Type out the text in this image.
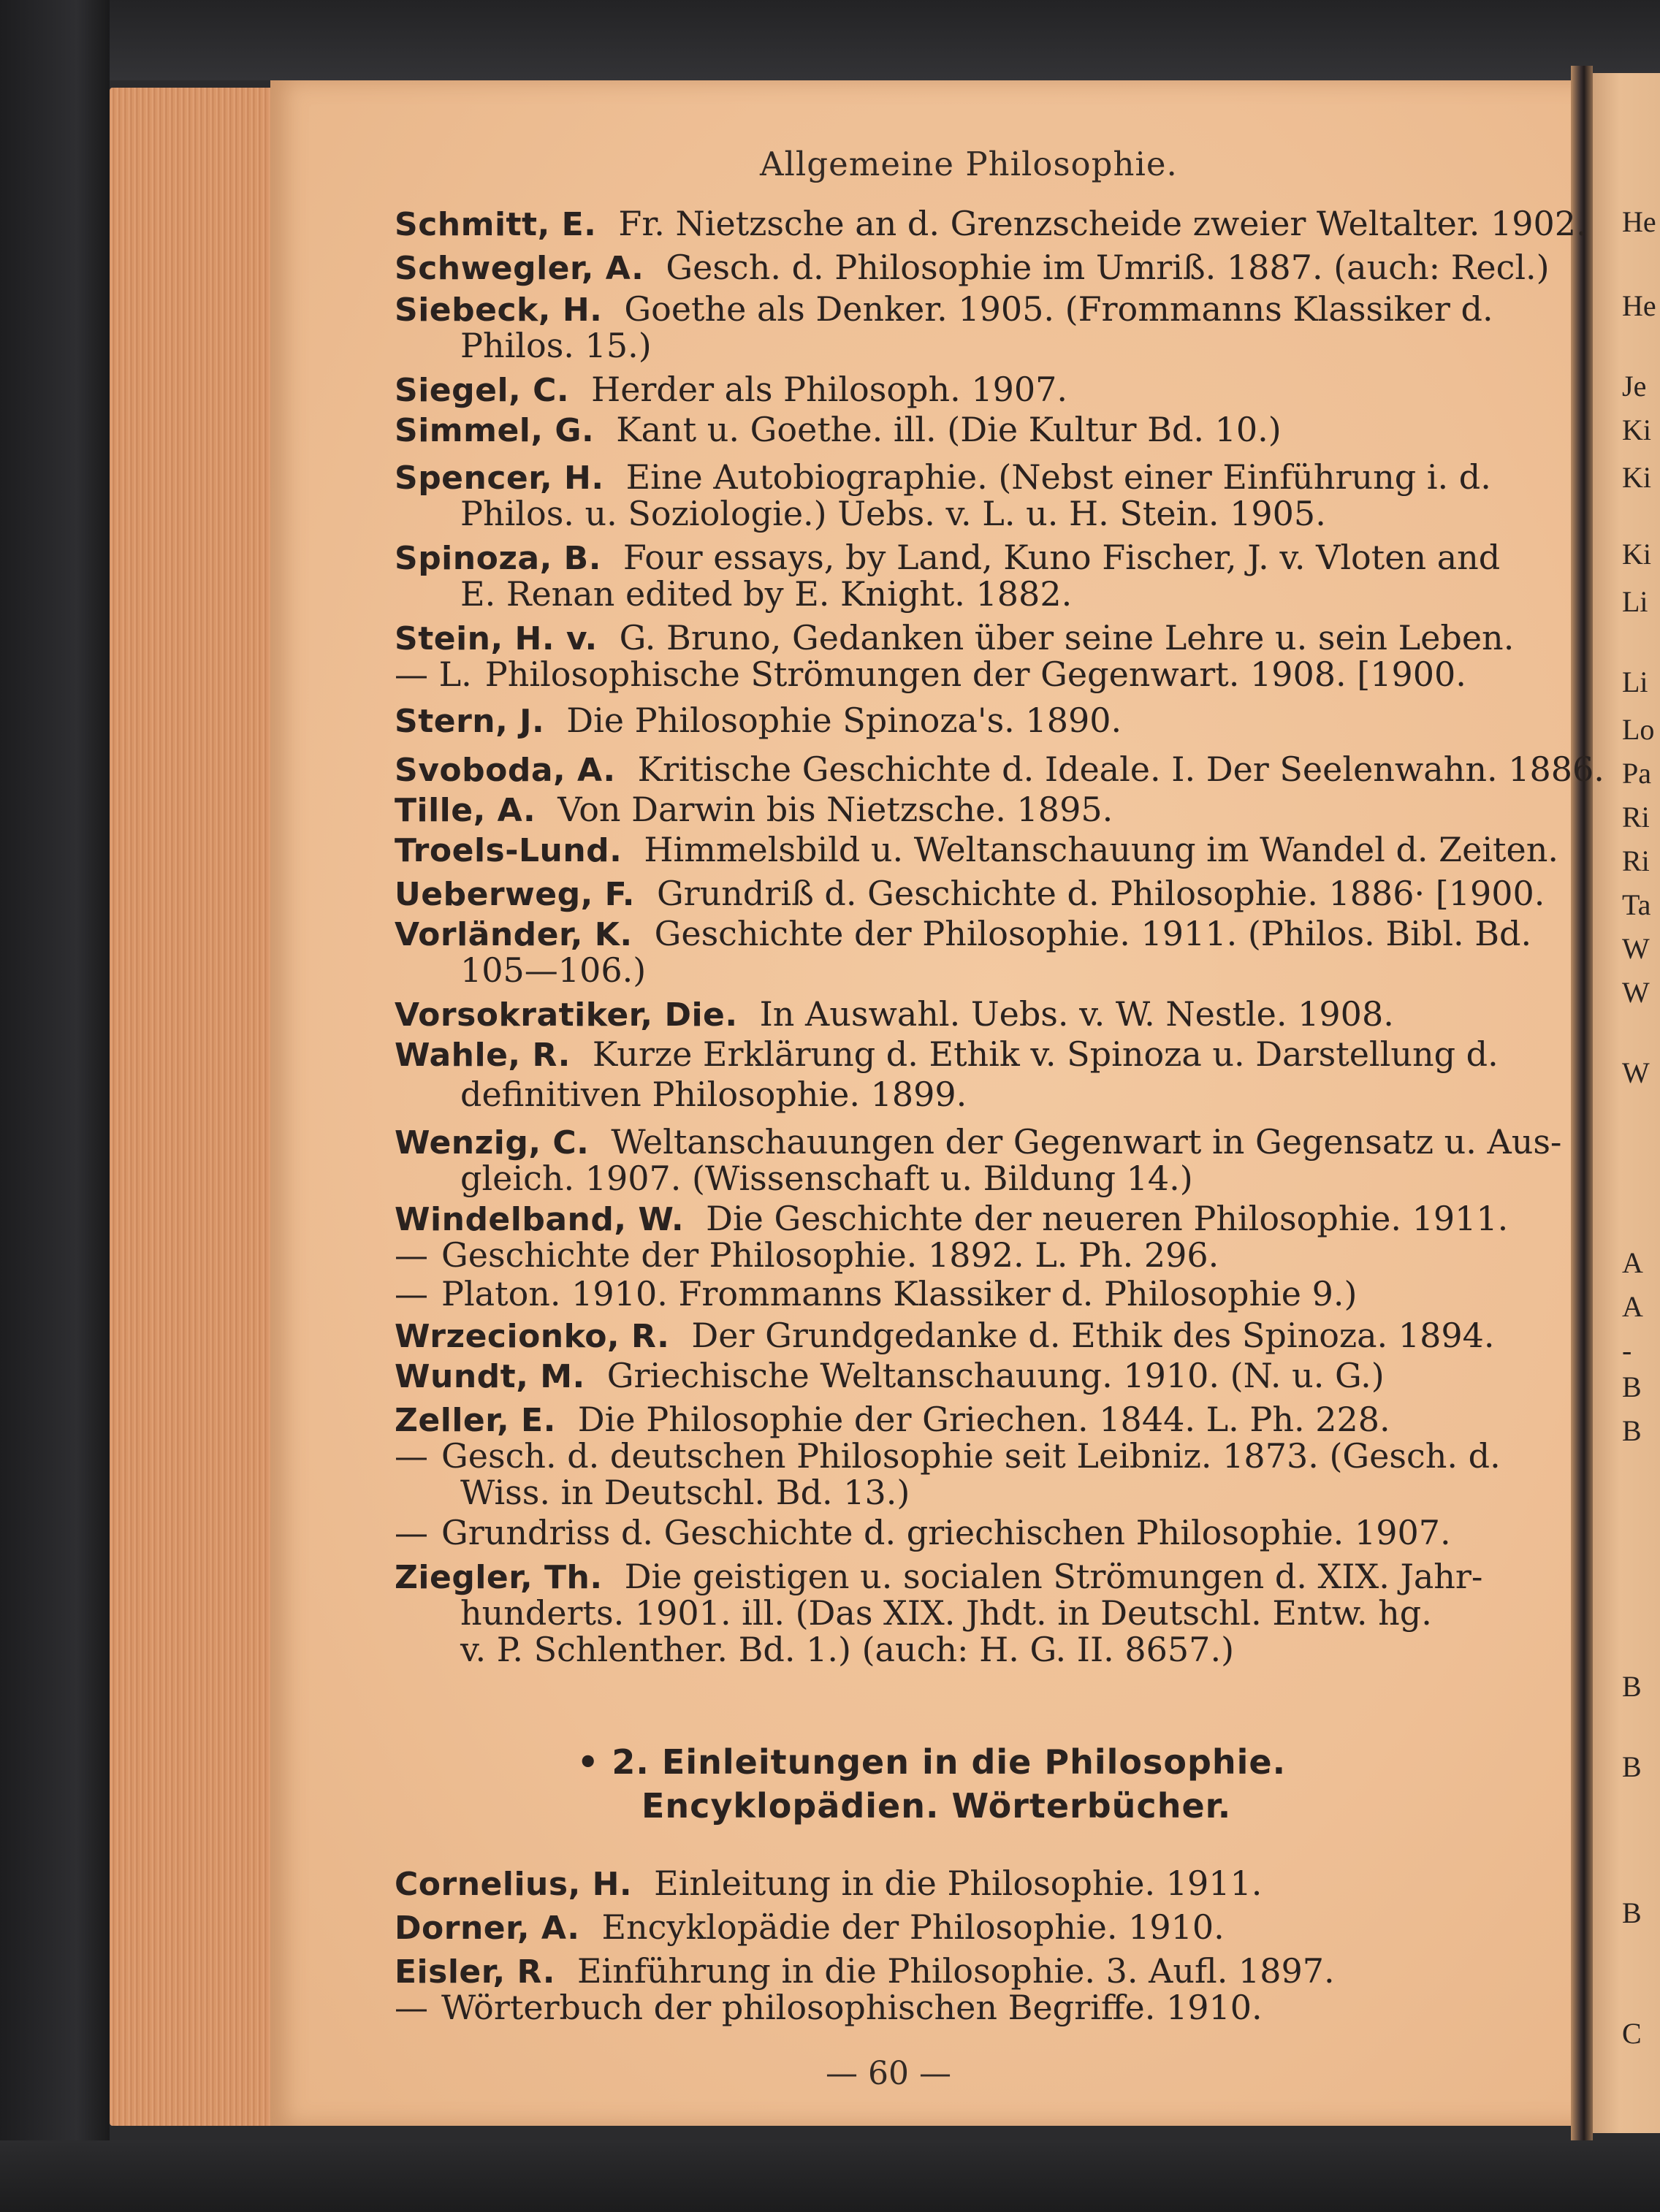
He
He
Je
Ki
Ki
Ki
Li
Li
Lo
Pa
Ri
Ri
Ta
W
W
W
A
A
-
B
B
B
B
B
C
Allgemeine Philosophie.
Schmitt, E. Fr. Nietzsche an d. Grenzscheide zweier Weltalter. 1902.
Schwegler, A. Gesch. d. Philosophie im Umriß. 1887. (auch: Recl.)
Siebeck, H. Goethe als Denker. 1905. (Frommanns Klassiker d.
Philos. 15.)
Siegel, C. Herder als Philosoph. 1907.
Simmel, G. Kant u. Goethe. ill. (Die Kultur Bd. 10.)
Spencer, H. Eine Autobiographie. (Nebst einer Einführung i. d.
Philos. u. Soziologie.) Uebs. v. L. u. H. Stein. 1905.
Spinoza, B. Four essays, by Land, Kuno Fischer, J. v. Vloten and
E. Renan edited by E. Knight. 1882.
Stein, H. v. G. Bruno, Gedanken über seine Lehre u. sein Leben.
— L. Philosophische Strömungen der Gegenwart. 1908. [1900.
Stern, J. Die Philosophie Spinoza's. 1890.
Svoboda, A. Kritische Geschichte d. Ideale. I. Der Seelenwahn. 1886.
Tille, A. Von Darwin bis Nietzsche. 1895.
Troels-Lund. Himmelsbild u. Weltanschauung im Wandel d. Zeiten.
Ueberweg, F. Grundriß d. Geschichte d. Philosophie. 1886· [1900.
Vorländer, K. Geschichte der Philosophie. 1911. (Philos. Bibl. Bd.
105—106.)
Vorsokratiker, Die. In Auswahl. Uebs. v. W. Nestle. 1908.
Wahle, R. Kurze Erklärung d. Ethik v. Spinoza u. Darstellung d.
definitiven Philosophie. 1899.
Wenzig, C. Weltanschauungen der Gegenwart in Gegensatz u. Aus-
gleich. 1907. (Wissenschaft u. Bildung 14.)
Windelband, W. Die Geschichte der neueren Philosophie. 1911.
— Geschichte der Philosophie. 1892. L. Ph. 296.
— Platon. 1910. Frommanns Klassiker d. Philosophie 9.)
Wrzecionko, R. Der Grundgedanke d. Ethik des Spinoza. 1894.
Wundt, M. Griechische Weltanschauung. 1910. (N. u. G.)
Zeller, E. Die Philosophie der Griechen. 1844. L. Ph. 228.
— Gesch. d. deutschen Philosophie seit Leibniz. 1873. (Gesch. d.
Wiss. in Deutschl. Bd. 13.)
— Grundriss d. Geschichte d. griechischen Philosophie. 1907.
Ziegler, Th. Die geistigen u. socialen Strömungen d. XIX. Jahr-
hunderts. 1901. ill. (Das XIX. Jhdt. in Deutschl. Entw. hg.
v. P. Schlenther. Bd. 1.) (auch: H. G. II. 8657.)
• 2. Einleitungen in die Philosophie.
Encyklopädien. Wörterbücher.
Cornelius, H. Einleitung in die Philosophie. 1911.
Dorner, A. Encyklopädie der Philosophie. 1910.
Eisler, R. Einführung in die Philosophie. 3. Aufl. 1897.
— Wörterbuch der philosophischen Begriffe. 1910.
— 60 —
